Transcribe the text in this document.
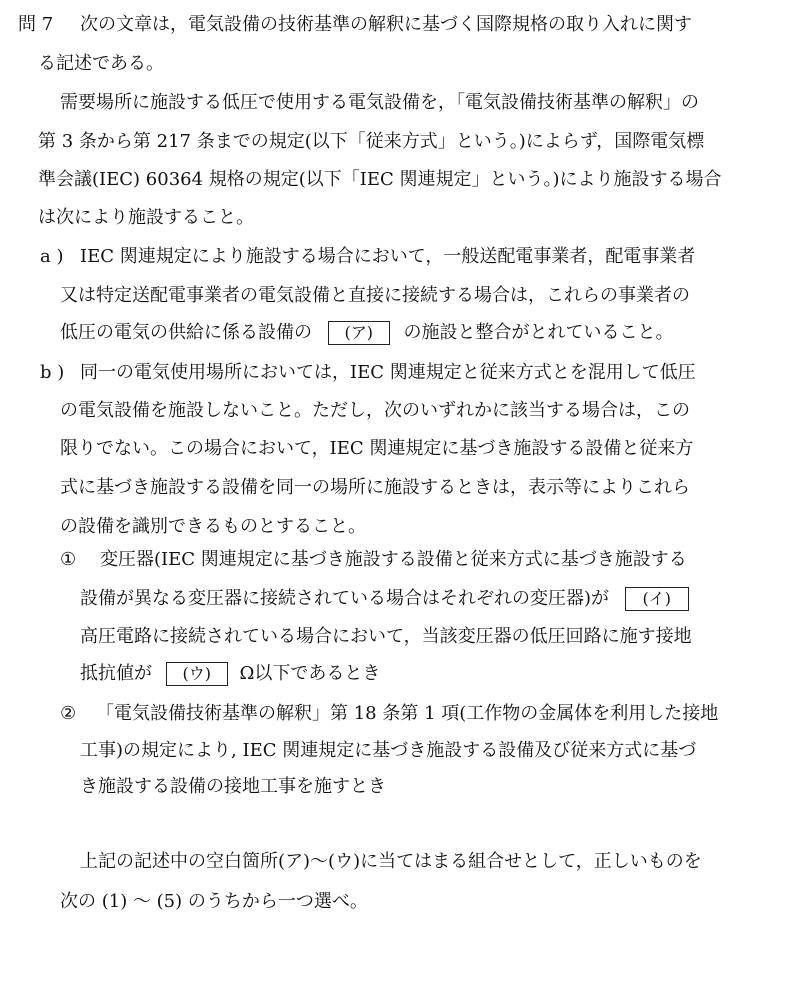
問 7 次の文章は，電気設備の技術基準の解釈に基づく国際規格の取り入れに関す
る記述である。
需要場所に施設する低圧で使用する電気設備を，「電気設備技術基準の解釈」の
第 3 条から第 217 条までの規定(以下「従来方式」という。)によらず，国際電気標
準会議(IEC) 60364 規格の規定(以下「IEC 関連規定」という。)により施設する場合
は次により施設すること。
a ) IEC 関連規定により施設する場合において，一般送配電事業者，配電事業者
又は特定送配電事業者の電気設備と直接に接続する場合は，これらの事業者の
低圧の電気の供給に係る設備の (ア) の施設と整合がとれていること。
b ) 同一の電気使用場所においては，IEC 関連規定と従来方式とを混用して低圧
の電気設備を施設しないこと。ただし，次のいずれかに該当する場合は，この
限りでない。この場合において，IEC 関連規定に基づき施設する設備と従来方
式に基づき施設する設備を同一の場所に施設するときは，表示等によりこれら
の設備を識別できるものとすること。
① 変圧器(IEC 関連規定に基づき施設する設備と従来方式に基づき施設する
設備が異なる変圧器に接続されている場合はそれぞれの変圧器)が (イ)
高圧電路に接続されている場合において，当該変圧器の低圧回路に施す接地
抵抗値が (ウ) Ω以下であるとき
② 「電気設備技術基準の解釈」第 18 条第 1 項(工作物の金属体を利用した接地
工事)の規定により, IEC 関連規定に基づき施設する設備及び従来方式に基づ
き施設する設備の接地工事を施すとき
上記の記述中の空白箇所(ア)～(ウ)に当てはまる組合せとして，正しいものを
次の (1) ～ (5) のうちから一つ選べ。
